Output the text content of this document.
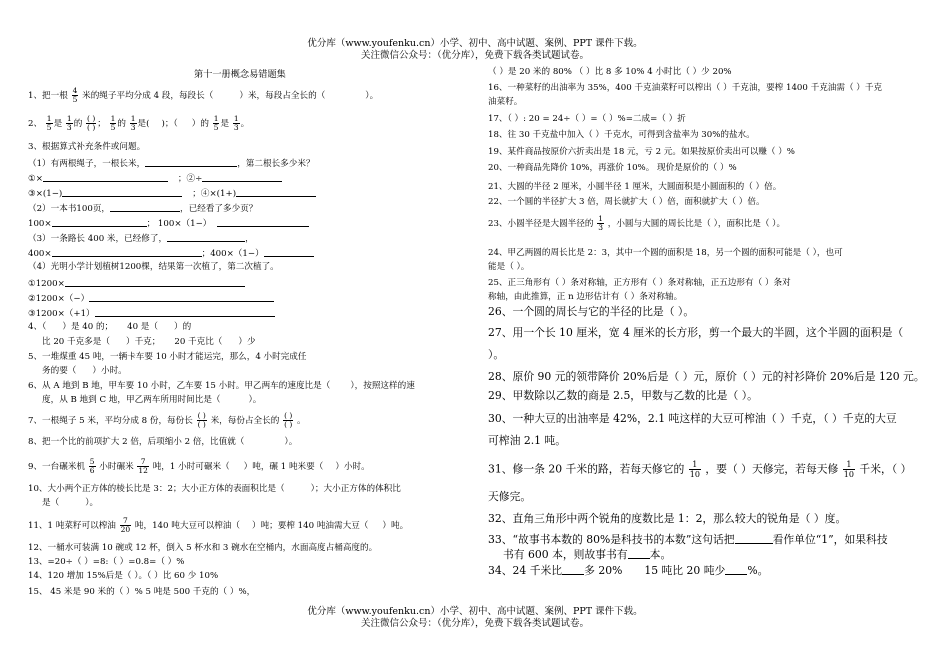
优分库（www.youfenku.cn）小学、初中、高中试题、案例、PPT 课件下载。
关注微信公众号：（优分库），免费下载各类试题试卷。
第十一册概念易错题集
1、把一根 $\frac{4}{5}$ 米的绳子平均分成 4 段，每段长（	）米，每段占全长的（	）。
2、 $\frac{1}{5}$ 是 $\frac{1}{3}$ 的
( )
( ) ； $\frac{1}{5}$ 的 $\frac{1}{3}$ 是( )；（ ）的 $\frac{1}{5}$ 是 $\frac{1}{3}$ 。
3、根据算式补充条件或问题。
（1）有两根绳子，一根长米，	，第二根长多少米？
①×	；②÷
③×(1−)	；④×(1+)
（2）一本书100页，	，已经看了多少页？
100×	； 100×（1−）
（3）一条路长 400 米，已经修了，	，
400×	；400×（1−）
（4）光明小学计划植树1200棵，结果第一次植了，第二次植了。
①1200×
②1200×（−）
③1200×（+1）
4、（ ）是 40 的； 40 是（ ）的
比 20 千克多是（ ）千克； 20 千克比（ ）少
5、一堆煤重 45 吨，一辆卡车要 10 小时才能运完，那么，4 小时完成任
务的要（ ）小时。
6、从 A 地到 B 地，甲车要 10 小时，乙车要 15 小时。甲乙两车的速度比是（ ），按照这样的速
度，从 B 地到 C 地，甲乙两车所用时间比是（	）。
7、一根绳子 5 米，平均分成 8 份，每份长
( )
( ) 米，每份占全长的
( )
( ) 。
8、把一个比的前项扩大 2 倍，后项缩小 2 倍，比值就（	）。
9、一台碾米机 $\frac{5}{6}$ 小时碾米 $\frac{7}{12}$ 吨，1 小时可碾米（ ）吨，碾 1 吨米要（ ）小时。
10、大小两个正方体的棱长比是 3：2；大小正方体的表面积比是（	）；大小正方体的体积比
是（	）。
11、1 吨菜籽可以榨油 $\frac{7}{20}$ 吨，140 吨大豆可以榨油（ ）吨；要榨 140 吨油需大豆（ ）吨。
12、一桶水可装满 10 碗或 12 杯，倒入 5 杯水和 3 碗水在空桶内，水面高度占桶高度的。
13、=20÷（ ）=8:（ ）=0.8=（ ）%
14、120 增加 15%后是（ ）。（ ）比 60 少 10%
15、 45 米是 90 米的（ ）% 5 吨是 500 千克的（ ）%，
（ ）是 20 米的 80% （ ）比 8 多 10% 4 小时比（ ）少 20%
16、一种菜籽的出油率为 35%，400 千克油菜籽可以榨出（ ）千克油，要榨 1400 千克油需（ ）千克
油菜籽。
17、（ ）: 20 = 24÷（ ）=（ ）%=二成=（ ）折
18、往 30 千克盐中加入（ ）千克水，可得到含盐率为 30%的盐水。
19、某件商品按原价六折卖出是 18 元，亏 2 元。如果按原价卖出可以赚（ ）%
20、一种商品先降价 10%，再涨价 10%。 现价是原价的（ ）%
21、大圆的半径 2 厘米，小圆半径 1 厘米，大圆面积是小圆面积的（ ）倍。
22、一个圆的半径扩大 3 倍，周长就扩大（ ）倍，面积就扩大（ ）倍。
23、小圆半径是大圆半径的 $\frac{1}{3}$ ，小圆与大圆的周长比是（ ），面积比是（ ）。
24、甲乙两圆的周长比是 2：3，其中一个圆的面积是 18，另一个圆的面积可能是（ ），也可
能是（ ）。
25、正三角形有（ ）条对称轴，正方形有（ ）条对称轴，正五边形有（ ）条对
称轴，由此推算，正 n 边形估计有（ ）条对称轴。
26、一个圆的周长与它的半径的比是（ ）。
27、用一个长 10 厘米，宽 4 厘米的长方形，剪一个最大的半圆，这个半圆的面积是（
）。
28、原价 90 元的领带降价 20%后是（ ）元，原价（ ）元的衬衫降价 20%后是 120 元。
29、甲数除以乙数的商是 2.5，甲数与乙数的比是（ ）。
30、一种大豆的出油率是 42%，2.1 吨这样的大豆可榨油（ ）千克，（ ）千克的大豆
可榨油 2.1 吨。
31、修一条 20 千米的路，若每天修它的 $\frac{1}{10}$ ，要（ ）天修完，若每天修 $\frac{1}{10}$ 千米，（ ）
天修完。
32、直角三角形中两个锐角的度数比是 1：2，那么较大的锐角是（ ）度。
33、“故事书本数的 80%是科技书的本数”这句话把	看作单位“1”，如果科技
书有 600 本，则故事书有 本。
34、24 千米比 多 20% 15 吨比 20 吨少 %。
优分库（www.youfenku.cn）小学、初中、高中试题、案例、PPT 课件下载。
关注微信公众号：（优分库），免费下载各类试题试卷。
